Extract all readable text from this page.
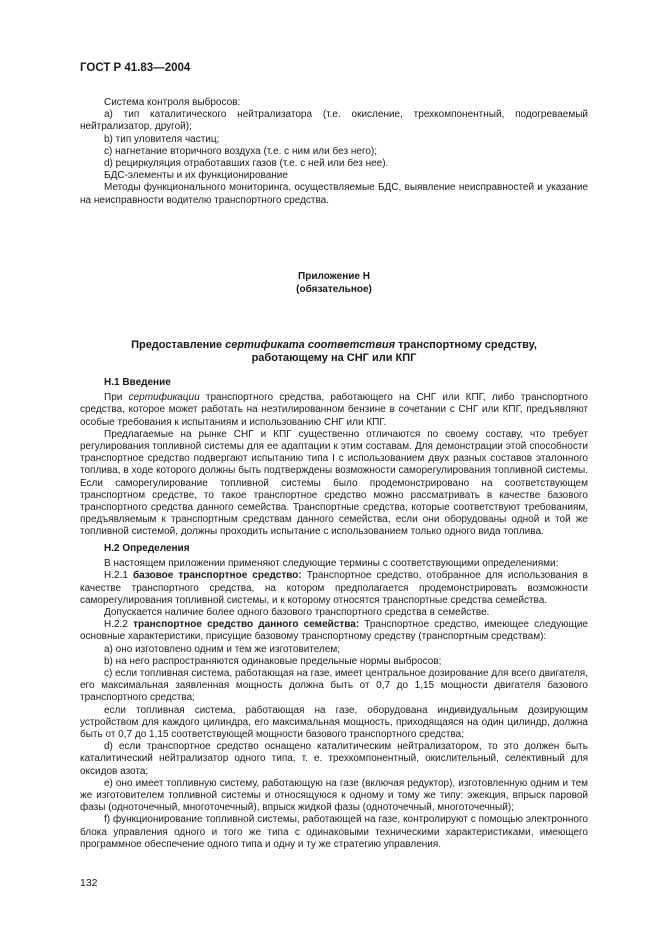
ГОСТ Р 41.83—2004

Система контроля выбросов:

а) тип каталитического нейтрализатора (т.е. окисление, трехкомпонентный, подогреваемый нейтрализатор, другой);

b) тип уловителя частиц;

c) нагнетание вторичного воздуха (т.е. с ним или без него);

d) рециркуляция отработавших газов (т.е. с ней или без нее).

БДС-элементы и их функционирование

Методы функционального мониторинга, осуществляемые БДС, выявление неисправностей и указание на неисправности водителю транспортного средства.

Приложение Н
(обязательное)
Предоставление сертификата соответствия транспортному средству,
работающему на СНГ или КПГ

Н.1 Введение

При сертификации транспортного средства, работающего на СНГ или КПГ, либо транспортного средства, которое может работать на неэтилированном бензине в сочетании с СНГ или КПГ, предъявляют особые требования к испытаниям и использованию СНГ или КПГ.

Предлагаемые на рынке СНГ и КПГ существенно отличаются по своему составу, что требует регулирования топливной системы для ее адаптации к этим составам. Для демонстрации этой способности транспортное средство подвергают испытанию типа I с использованием двух разных составов эталонного топлива, в ходе которого должны быть подтверждены возможности саморегулирования топливной системы. Если саморегулирование топливной системы было продемонстрировано на соответствующем транспортном средстве, то такое транспортное средство можно рассматривать в качестве базового транспортного средства данного семейства. Транспортные средства, которые соответствуют требованиям, предъявляемым к транспортным средствам данного семейства, если они оборудованы одной и той же топливной системой, должны проходить испытание с использованием только одного вида топлива.

Н.2 Определения

В настоящем приложении применяют следующие термины с соответствующими определениями:

Н.2.1 базовое транспортное средство: Транспортное средство, отобранное для использования в качестве транспортного средства, на котором предполагается продемонстрировать возможности саморегулирования топливной системы, и к которому относятся транспортные средства семейства.

Допускается наличие более одного базового транспортного средства в семействе.

Н.2.2 транспортное средство данного семейства: Транспортное средство, имеющее следующие основные характеристики, присущие базовому транспортному средству (транспортным средствам):

а) оно изготовлено одним и тем же изготовителем;

b) на него распространяются одинаковые предельные нормы выбросов;

c) если топливная система, работающая на газе, имеет центральное дозирование для всего двигателя, его максимальная заявленная мощность должна быть от 0,7 до 1,15 мощности двигателя базового транспортного средства;

если топливная система, работающая на газе, оборудована индивидуальным дозирующим устройством для каждого цилиндра, его максимальная мощность, приходящаяся на один цилиндр, должна быть от 0,7 до 1,15 соответствующей мощности базового транспортного средства;

d) если транспортное средство оснащено каталитическим нейтрализатором, то это должен быть каталитический нейтрализатор одного типа, т. е. трехкомпонентный, окислительный, селективный для оксидов азота;

е) оно имеет топливную систему, работающую на газе (включая редуктор), изготовленную одним и тем же изготовителем топливной системы и относящуюся к одному и тому же типу: эжекция, впрыск паровой фазы (одноточечный, многоточечный), впрыск жидкой фазы (одноточечный, многоточечный);

f) функционирование топливной системы, работающей на газе, контролируют с помощью электронного блока управления одного и того же типа с одинаковыми техническими характеристиками, имеющего программное обеспечение одного типа и одну и ту же стратегию управления.

132
